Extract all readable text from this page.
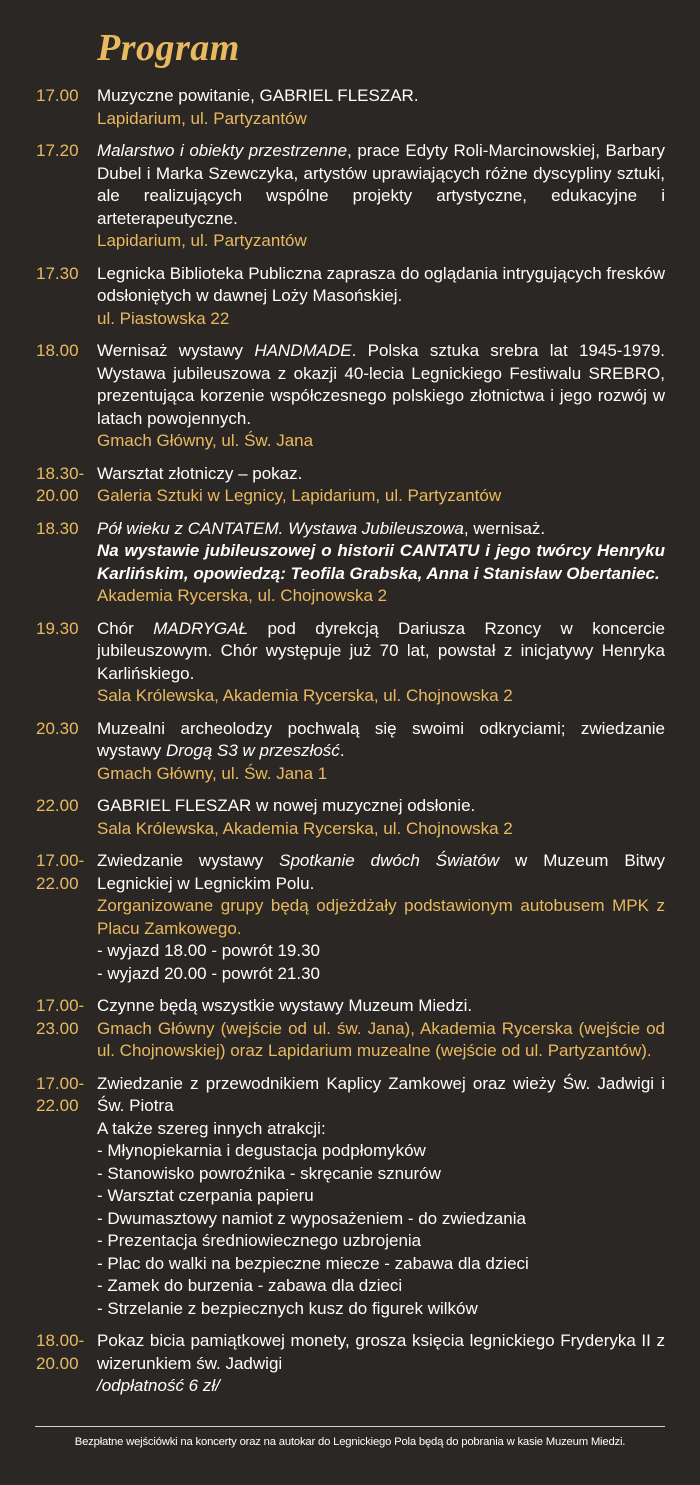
Program
17.00	Muzyczne powitanie, GABRIEL FLESZAR.
Lapidarium, ul. Partyzantów
17.20	Malarstwo i obiekty przestrzenne, prace Edyty Roli-Marcinowskiej, Barbary Dubel i Marka Szewczyka, artystów uprawiających różne dyscypliny sztuki, ale realizujących wspólne projekty artystyczne, edukacyjne i arteterapeutyczne.
Lapidarium, ul. Partyzantów
17.30	Legnicka Biblioteka Publiczna zaprasza do oglądania intrygujących fresków odsłoniętych w dawnej Loży Masońskiej.
ul. Piastowska 22
18.00	Wernisaż wystawy HANDMADE. Polska sztuka srebra lat 1945-1979. Wystawa jubileuszowa z okazji 40-lecia Legnickiego Festiwalu SREBRO, prezentująca korzenie współczesnego polskiego złotnictwa i jego rozwój w latach powojennych.
Gmach Główny, ul. Św. Jana
18.30-
20.00
Warsztat złotniczy – pokaz.
Galeria Sztuki w Legnicy, Lapidarium, ul. Partyzantów
18.30	Pół wieku z CANTATEM. Wystawa Jubileuszowa, wernisaż.
Na wystawie jubileuszowej o historii CANTATU i jego twórcy Henryku Karlińskim, opowiedzą: Teofila Grabska, Anna i Stanisław Obertaniec.
Akademia Rycerska, ul. Chojnowska 2
19.30	Chór MADRYGAŁ pod dyrekcją Dariusza Rzoncy w koncercie jubileuszowym. Chór występuje już 70 lat, powstał z inicjatywy Henryka Karlińskiego.
Sala Królewska, Akademia Rycerska, ul. Chojnowska 2
20.30	Muzealni archeolodzy pochwalą się swoimi odkryciami; zwiedzanie wystawy Drogą S3 w przeszłość.
Gmach Główny, ul. Św. Jana 1
22.00	GABRIEL FLESZAR w nowej muzycznej odsłonie.
Sala Królewska, Akademia Rycerska, ul. Chojnowska 2
17.00-
22.00
Zwiedzanie wystawy Spotkanie dwóch Światów w Muzeum Bitwy Legnickiej w Legnickim Polu.
Zorganizowane grupy będą odjeżdżały podstawionym autobusem MPK z Placu Zamkowego.
- wyjazd 18.00 - powrót 19.30
- wyjazd 20.00 - powrót 21.30
17.00-
23.00
Czynne będą wszystkie wystawy Muzeum Miedzi.
Gmach Główny (wejście od ul. św. Jana), Akademia Rycerska (wejście od ul. Chojnowskiej) oraz Lapidarium muzealne (wejście od ul. Partyzantów).
17.00-
22.00
Zwiedzanie z przewodnikiem Kaplicy Zamkowej oraz wieży Św. Jadwigi i Św. Piotra
A także szereg innych atrakcji:
- Młynopiekarnia i degustacja podpłomyków
- Stanowisko powroźnika - skręcanie sznurów
- Warsztat czerpania papieru
- Dwumasztowy namiot z wyposażeniem - do zwiedzania
- Prezentacja średniowiecznego uzbrojenia
- Plac do walki na bezpieczne miecze - zabawa dla dzieci
- Zamek do burzenia - zabawa dla dzieci
- Strzelanie z bezpiecznych kusz do figurek wilków
18.00-
20.00
Pokaz bicia pamiątkowej monety, grosza księcia legnickiego Fryderyka II z wizerunkiem św. Jadwigi
/odpłatność 6 zł/
Bezpłatne wejściówki na koncerty oraz na autokar do Legnickiego Pola będą do pobrania w kasie Muzeum Miedzi.
